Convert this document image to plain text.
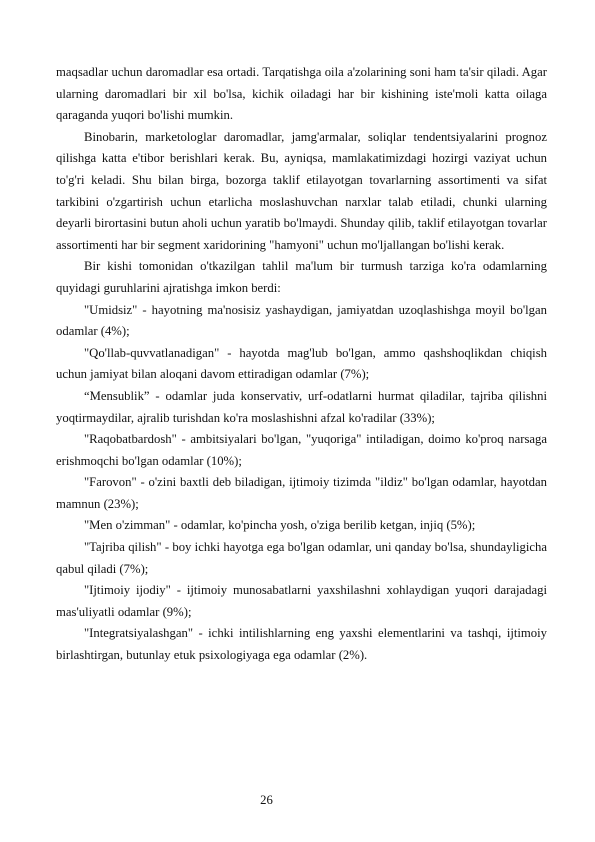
maqsadlar uchun daromadlar esa ortadi. Tarqatishga oila a'zolarining soni ham ta'sir qiladi. Agar ularning daromadlari bir xil bo'lsa, kichik oiladagi har bir kishining iste'moli katta oilaga qaraganda yuqori bo'lishi mumkin.

Binobarin, marketologlar daromadlar, jamg'armalar, soliqlar tendentsiyalarini prognoz qilishga katta e'tibor berishlari kerak. Bu, ayniqsa, mamlakatimizdagi hozirgi vaziyat uchun to'g'ri keladi. Shu bilan birga, bozorga taklif etilayotgan tovarlarning assortimenti va sifat tarkibini o'zgartirish uchun etarlicha moslashuvchan narxlar talab etiladi, chunki ularning deyarli birortasini butun aholi uchun yaratib bo'lmaydi. Shunday qilib, taklif etilayotgan tovarlar assortimenti har bir segment xaridorining "hamyoni" uchun mo'ljallangan bo'lishi kerak.

Bir kishi tomonidan o'tkazilgan tahlil ma'lum bir turmush tarziga ko'ra odamlarning quyidagi guruhlarini ajratishga imkon berdi:

"Umidsiz" - hayotning ma'nosisiz yashaydigan, jamiyatdan uzoqlashishga moyil bo'lgan odamlar (4%);

"Qo'llab-quvvatlanadigan" - hayotda mag'lub bo'lgan, ammo qashshoqlikdan chiqish uchun jamiyat bilan aloqani davom ettiradigan odamlar (7%);

“Mensublik” - odamlar juda konservativ, urf-odatlarni hurmat qiladilar, tajriba qilishni yoqtirmaydilar, ajralib turishdan ko'ra moslashishni afzal ko'radilar (33%);

"Raqobatbardosh" - ambitsiyalari bo'lgan, "yuqoriga" intiladigan, doimo ko'proq narsaga erishmoqchi bo'lgan odamlar (10%);

"Farovon" - o'zini baxtli deb biladigan, ijtimoiy tizimda "ildiz" bo'lgan odamlar, hayotdan mamnun (23%);

"Men o'zimman" - odamlar, ko'pincha yosh, o'ziga berilib ketgan, injiq (5%);

"Tajriba qilish" - boy ichki hayotga ega bo'lgan odamlar, uni qanday bo'lsa, shundayligicha qabul qiladi (7%);

"Ijtimoiy ijodiy" - ijtimoiy munosabatlarni yaxshilashni xohlaydigan yuqori darajadagi mas'uliyatli odamlar (9%);

"Integratsiyalashgan" - ichki intilishlarning eng yaxshi elementlarini va tashqi, ijtimoiy birlashtirgan, butunlay etuk psixologiyaga ega odamlar (2%).

26
